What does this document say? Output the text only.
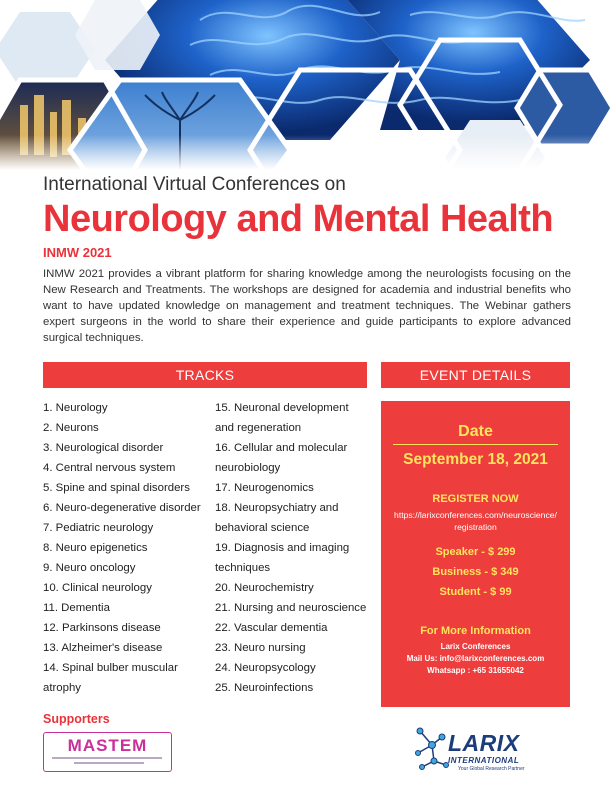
International Virtual Conferences on
Neurology and Mental Health
INMW 2021

INMW 2021 provides a vibrant platform for sharing knowledge among the neurologists focusing on the New Research and Treatments. The workshops are designed for academia and industrial benefits who want to have updated knowledge on management and treatment techniques. The Webinar gathers expert surgeons in the world to share their experience and guide participants to explore advanced surgical techniques.

TRACKS	EVENT DETAILS
1. Neurology
2. Neurons
3. Neurological disorder
4. Central nervous system
5. Spine and spinal disorders
6. Neuro-degenerative disorder
7. Pediatric neurology
8. Neuro epigenetics
9. Neuro oncology
10. Clinical neurology
11. Dementia
12. Parkinsons disease
13. Alzheimer's disease
14. Spinal bulber muscular
atrophy
15. Neuronal development
and regeneration
16. Cellular and molecular
neurobiology
17. Neurogenomics
18. Neuropsychiatry and
behavioral science
19. Diagnosis and imaging
techniques
20. Neurochemistry
21. Nursing and neuroscience
22. Vascular dementia
23. Neuro nursing
24. Neuropsycology
25. Neuroinfections
Date
September 18, 2021
REGISTER NOW
https://larixconferences.com/neuroscience/
registration
Speaker - $ 299
Business - $ 349
Student - $ 99
For More Information
Larix Conferences
Mail Us: info@larixconferences.com
Whatsapp : +65 31655042
Supporters
MASTEM	LARIX
INTERNATIONAL
Your Global Research Partner
